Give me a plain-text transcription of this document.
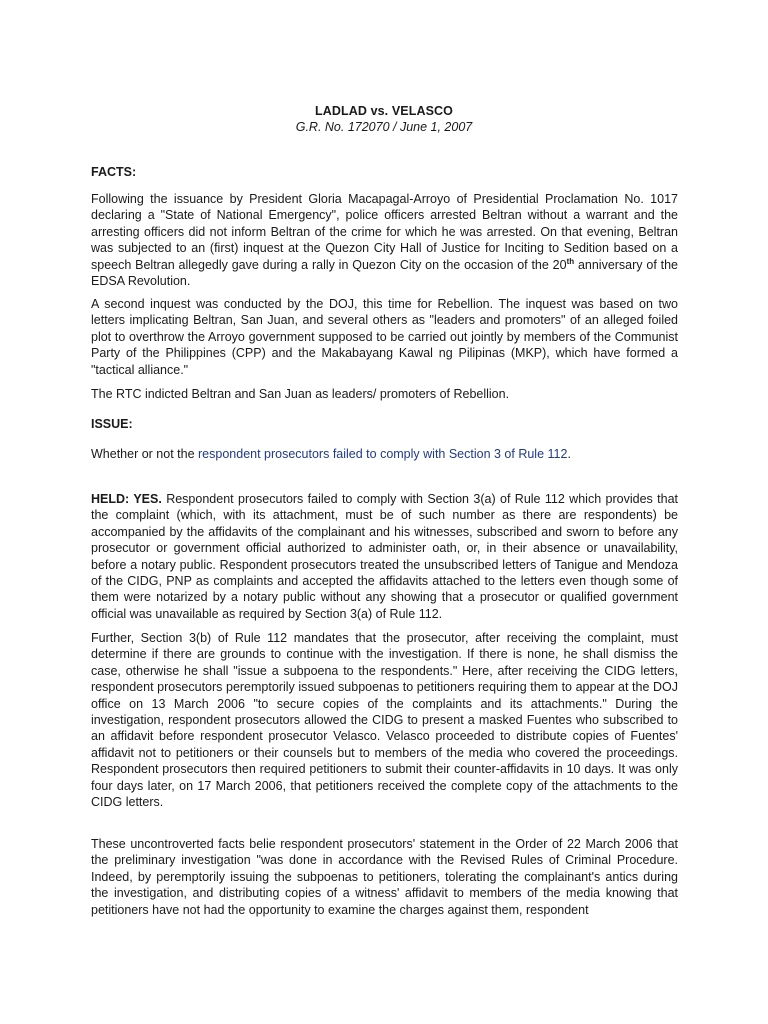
LADLAD vs. VELASCO
G.R. No. 172070 / June 1, 2007
FACTS:

Following the issuance by President Gloria Macapagal-Arroyo of Presidential Proclamation No. 1017 declaring a "State of National Emergency", police officers arrested Beltran without a warrant and the arresting officers did not inform Beltran of the crime for which he was arrested. On that evening, Beltran was subjected to an (first) inquest at the Quezon City Hall of Justice for Inciting to Sedition based on a speech Beltran allegedly gave during a rally in Quezon City on the occasion of the 20th anniversary of the EDSA Revolution.

A second inquest was conducted by the DOJ, this time for Rebellion. The inquest was based on two letters implicating Beltran, San Juan, and several others as "leaders and promoters" of an alleged foiled plot to overthrow the Arroyo government supposed to be carried out jointly by members of the Communist Party of the Philippines (CPP) and the Makabayang Kawal ng Pilipinas (MKP), which have formed a "tactical alliance."

The RTC indicted Beltran and San Juan as leaders/ promoters of Rebellion.

ISSUE:

Whether or not the respondent prosecutors failed to comply with Section 3 of Rule 112.

HELD: YES. Respondent prosecutors failed to comply with Section 3(a) of Rule 112 which provides that the complaint (which, with its attachment, must be of such number as there are respondents) be accompanied by the affidavits of the complainant and his witnesses, subscribed and sworn to before any prosecutor or government official authorized to administer oath, or, in their absence or unavailability, before a notary public. Respondent prosecutors treated the unsubscribed letters of Tanigue and Mendoza of the CIDG, PNP as complaints and accepted the affidavits attached to the letters even though some of them were notarized by a notary public without any showing that a prosecutor or qualified government official was unavailable as required by Section 3(a) of Rule 112.

Further, Section 3(b) of Rule 112 mandates that the prosecutor, after receiving the complaint, must determine if there are grounds to continue with the investigation. If there is none, he shall dismiss the case, otherwise he shall "issue a subpoena to the respondents." Here, after receiving the CIDG letters, respondent prosecutors peremptorily issued subpoenas to petitioners requiring them to appear at the DOJ office on 13 March 2006 "to secure copies of the complaints and its attachments." During the investigation, respondent prosecutors allowed the CIDG to present a masked Fuentes who subscribed to an affidavit before respondent prosecutor Velasco. Velasco proceeded to distribute copies of Fuentes' affidavit not to petitioners or their counsels but to members of the media who covered the proceedings. Respondent prosecutors then required petitioners to submit their counter-affidavits in 10 days. It was only four days later, on 17 March 2006, that petitioners received the complete copy of the attachments to the CIDG letters.

These uncontroverted facts belie respondent prosecutors' statement in the Order of 22 March 2006 that the preliminary investigation "was done in accordance with the Revised Rules of Criminal Procedure. Indeed, by peremptorily issuing the subpoenas to petitioners, tolerating the complainant's antics during the investigation, and distributing copies of a witness' affidavit to members of the media knowing that petitioners have not had the opportunity to examine the charges against them, respondent
